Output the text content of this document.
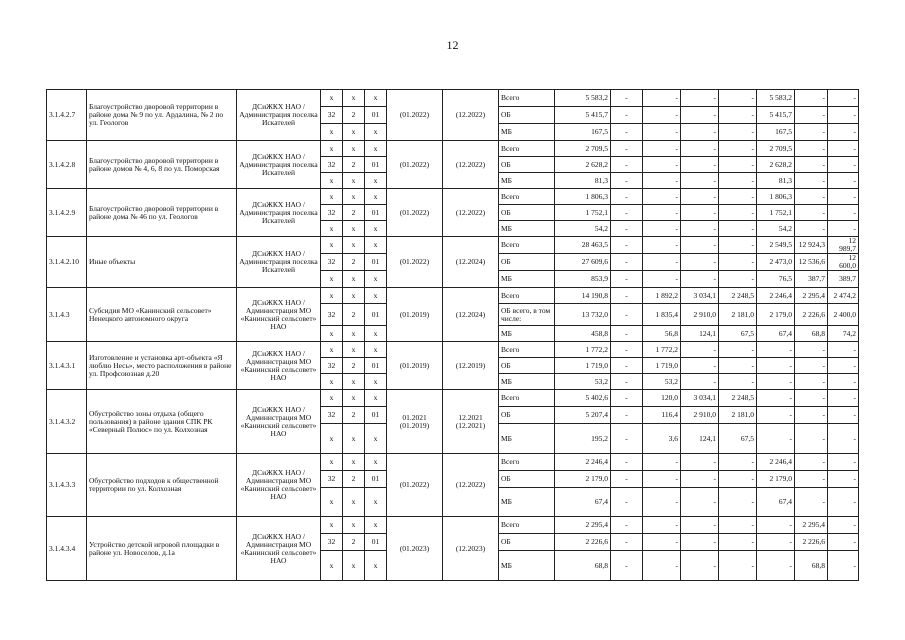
12
3.1.4.2.7	Благоустройство дворовой территории в районе дома № 9 по ул. Ардалина, № 2 по ул. Геологов	ДСиЖКХ НАО / Администрация поселка Искателей	х	х	х	(01.2022)	(12.2022)	Всего	5 583,2	-	-	-	-	5 583,2	-	-
			32	2	01			ОБ	5 415,7	-	-	-	-	5 415,7	-	-
			х	х	х			МБ	167,5	-	-	-	-	167,5	-	-
3.1.4.2.8	Благоустройство дворовой территории в районе домов № 4, 6, 8 по ул. Поморская	ДСиЖКХ НАО / Администрация поселка Искателей	х	х	х	(01.2022)	(12.2022)	Всего	2 709,5	-	-	-	-	2 709,5	-	-
			32	2	01			ОБ	2 628,2	-	-	-	-	2 628,2	-	-
			х	х	х			МБ	81,3	-	-	-	-	81,3	-	-
3.1.4.2.9	Благоустройство дворовой территории в районе дома № 46 по ул. Геологов	ДСиЖКХ НАО / Администрация поселка Искателей	х	х	х	(01.2022)	(12.2022)	Всего	1 806,3	-	-	-	-	1 806,3	-	-
			32	2	01			ОБ	1 752,1	-	-	-	-	1 752,1	-	-
			х	х	х			МБ	54,2	-	-	-	-	54,2	-	-
3.1.4.2.10	Иные объекты	ДСиЖКХ НАО / Администрация поселка Искателей	х	х	х	(01.2022)	(12.2024)	Всего	28 463,5	-	-	-	-	2 549,5	12 924,3	12 989,7
			32	2	01			ОБ	27 609,6	-	-	-	-	2 473,0	12 536,6	12 600,0
			х	х	х			МБ	853,9	-	-	-	-	76,5	387,7	389,7
3.1.4.3	Субсидия МО «Канинский сельсовет» Ненецкого автономного округа	ДСиЖКХ НАО / Администрация МО «Канинский сельсовет» НАО	х	х	х	(01.2019)	(12.2024)	Всего	14 190,8	-	1 892,2	3 034,1	2 248,5	2 246,4	2 295,4	2 474,2
			32	2	01			ОБ всего, в том числе:	13 732,0	-	1 835,4	2 910,0	2 181,0	2 179,0	2 226,6	2 400,0
			х	х	х			МБ	458,8	-	56,8	124,1	67,5	67,4	68,8	74,2
3.1.4.3.1	Изготовление и установка арт-объекта «Я люблю Несь», место расположения в районе ул. Профсоюзная д.20	ДСиЖКХ НАО / Администрация МО «Канинский сельсовет» НАО	х	х	х	(01.2019)	(12.2019)	Всего	1 772,2	-	1 772,2	-	-	-	-	-
			32	2	01			ОБ	1 719,0	-	1 719,0	-	-	-	-	-
			х	х	х			МБ	53,2	-	53,2	-	-	-	-	-
3.1.4.3.2	Обустройство зоны отдыха (общего пользования) в районе здания СПК РК «Северный Полюс» по ул. Колхозная	ДСиЖКХ НАО / Администрация МО «Канинский сельсовет» НАО	х	х	х	01.2021 (01.2019)	12.2021 (12.2021)	Всего	5 402,6	-	120,0	3 034,1	2 248,5	-	-	-
			32	2	01			ОБ	5 207,4	-	116,4	2 910,0	2 181,0	-	-	-
			х	х	х			МБ	195,2	-	3,6	124,1	67,5	-	-	-
3.1.4.3.3	Обустройство подходов к общественной территории по ул. Колхозная	ДСиЖКХ НАО / Администрация МО «Канинский сельсовет» НАО	х	х	х	(01.2022)	(12.2022)	Всего	2 246,4	-	-	-	-	2 246,4	-	-
			32	2	01			ОБ	2 179,0	-	-	-	-	2 179,0	-	-
			х	х	х			МБ	67,4	-	-	-	-	67,4	-	-
3.1.4.3.4	Устройство детской игровой площадки в районе ул. Новоселов, д.1а	ДСиЖКХ НАО / Администрация МО «Канинский сельсовет» НАО	х	х	х	(01.2023)	(12.2023)	Всего	2 295,4	-	-	-	-	-	2 295,4	-
			32	2	01			ОБ	2 226,6	-	-	-	-	-	2 226,6	-
			х	х	х			МБ	68,8	-	-	-	-	-	68,8	-
